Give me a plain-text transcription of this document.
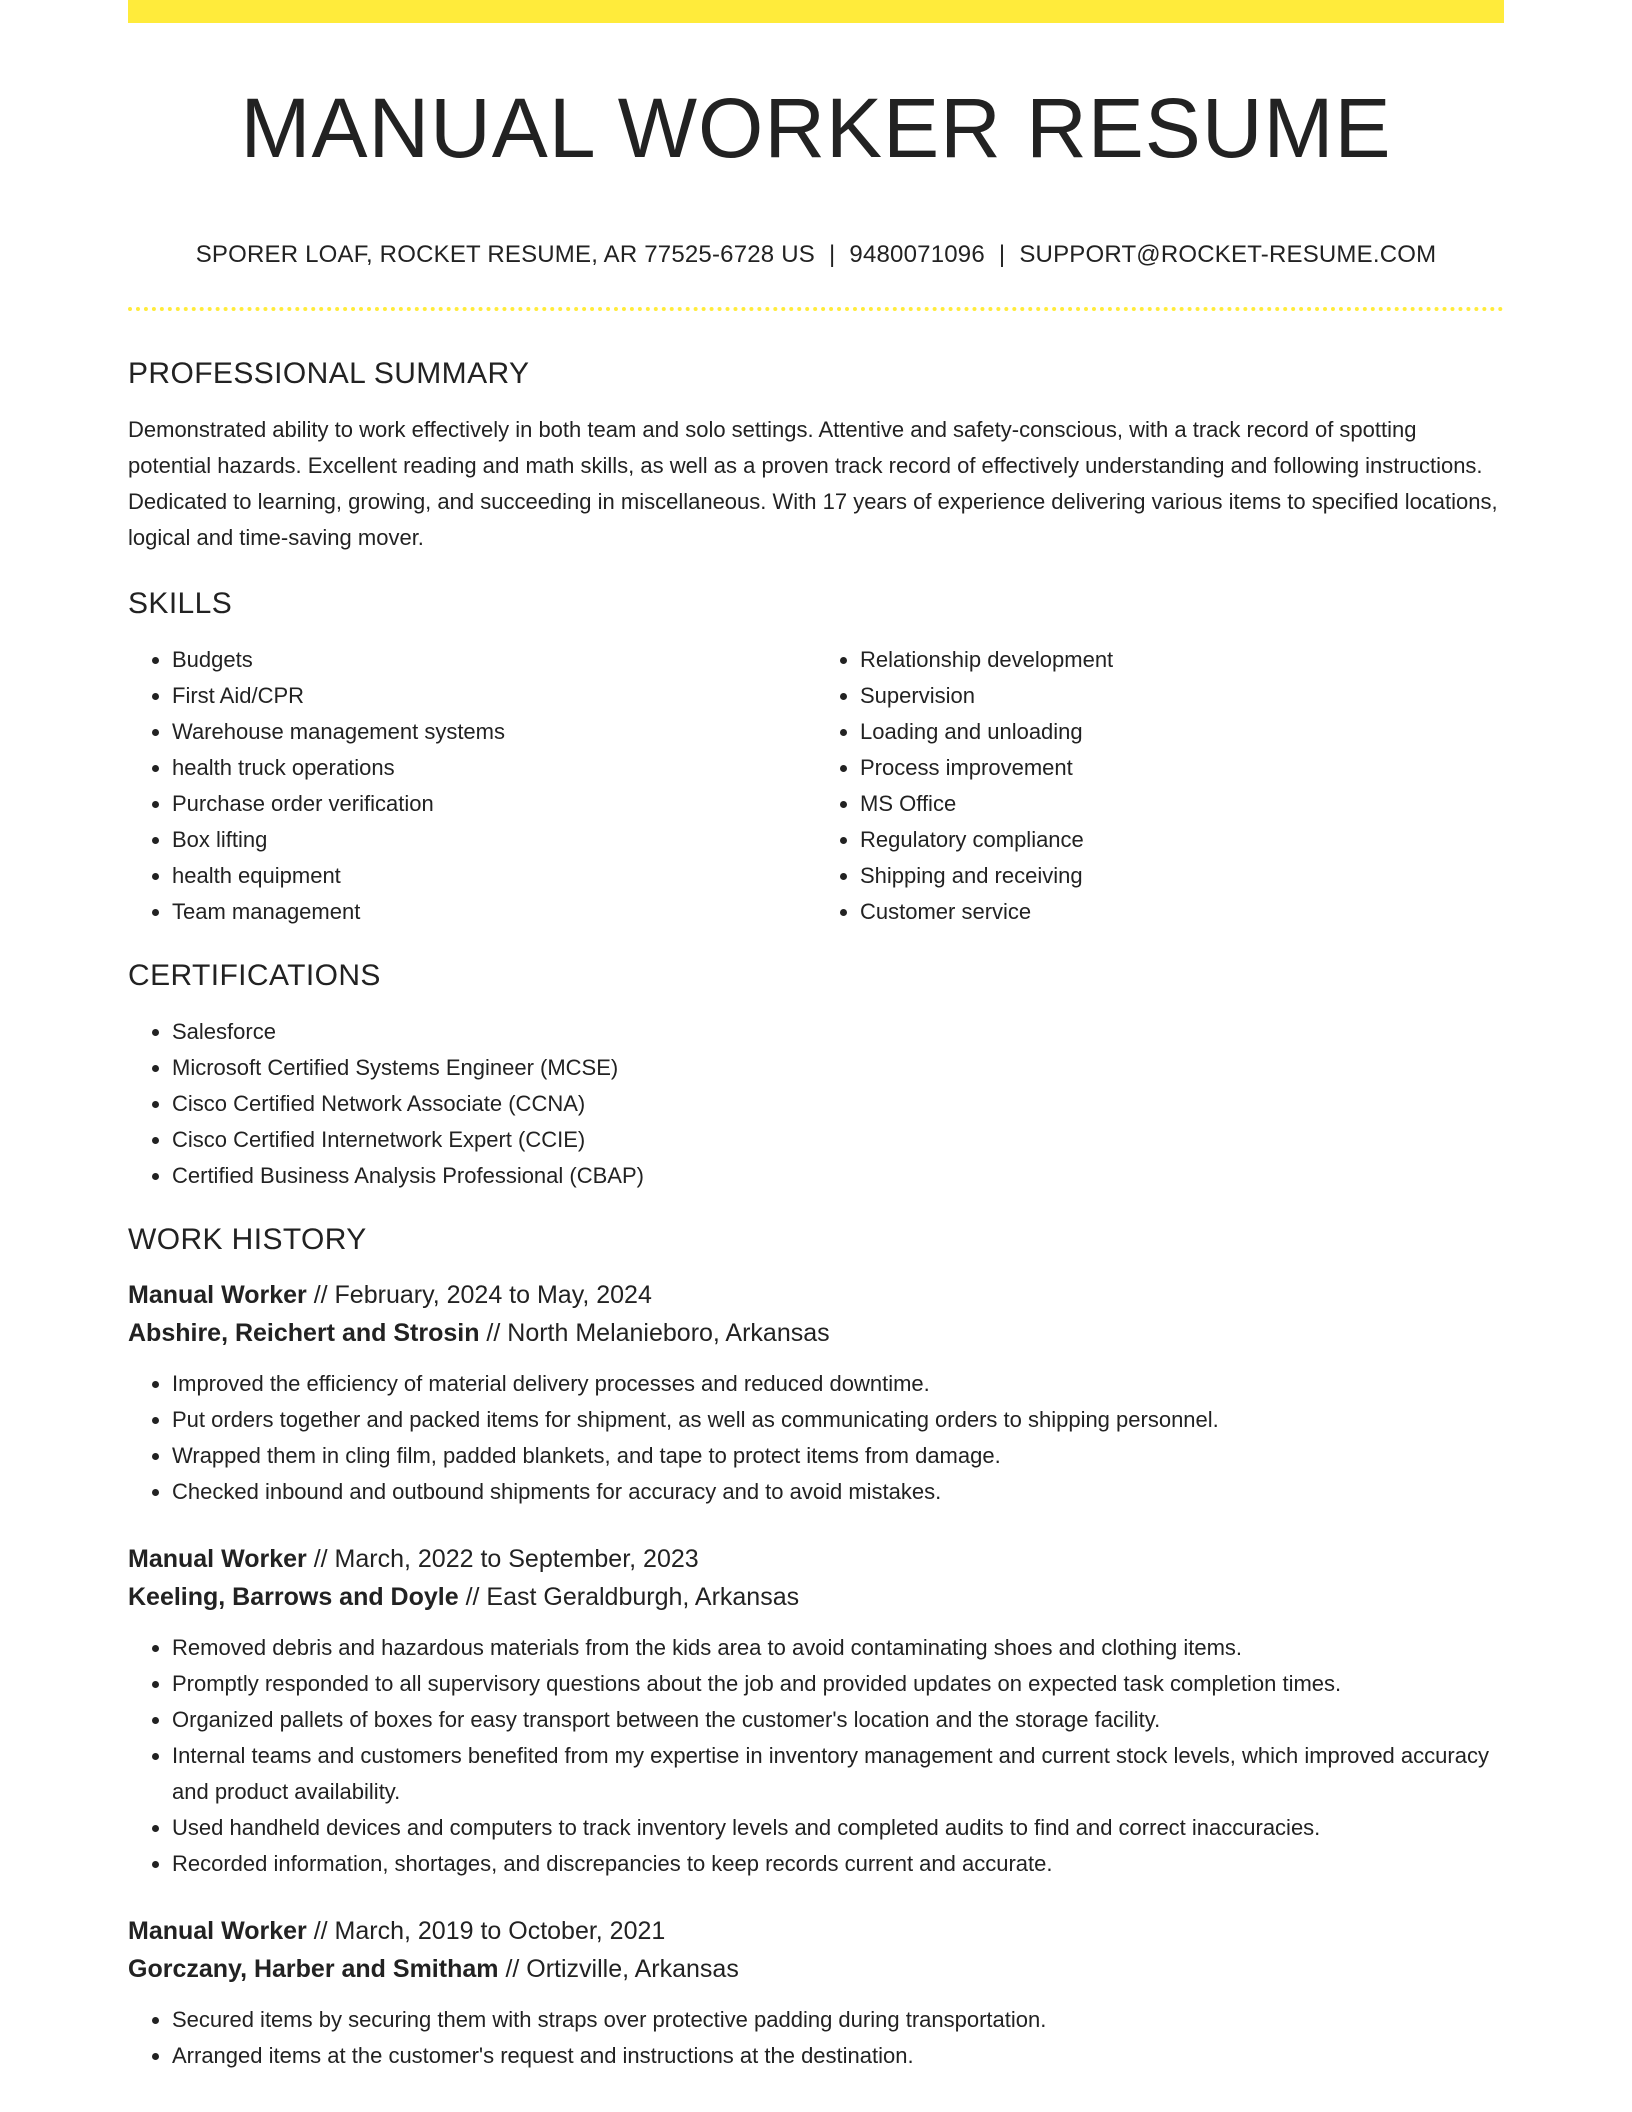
MANUAL WORKER RESUME
SPORER LOAF, ROCKET RESUME, AR 77525-6728 US | 9480071096 | SUPPORT@ROCKET-RESUME.COM
PROFESSIONAL SUMMARY

Demonstrated ability to work effectively in both team and solo settings. Attentive and safety-conscious, with a track record of spotting potential hazards. Excellent reading and math skills, as well as a proven track record of effectively understanding and following instructions. Dedicated to learning, growing, and succeeding in miscellaneous. With 17 years of experience delivering various items to specified locations, logical and time-saving mover.

SKILLS
• Budgets
• First Aid/CPR
• Warehouse management systems
• health truck operations
• Purchase order verification
• Box lifting
• health equipment
• Team management
• Relationship development
• Supervision
• Loading and unloading
• Process improvement
• MS Office
• Regulatory compliance
• Shipping and receiving
• Customer service
CERTIFICATIONS
• Salesforce
• Microsoft Certified Systems Engineer (MCSE)
• Cisco Certified Network Associate (CCNA)
• Cisco Certified Internetwork Expert (CCIE)
• Certified Business Analysis Professional (CBAP)
WORK HISTORY
Manual Worker // February, 2024 to May, 2024
Abshire, Reichert and Strosin // North Melanieboro, Arkansas
• Improved the efficiency of material delivery processes and reduced downtime.
• Put orders together and packed items for shipment, as well as communicating orders to shipping personnel.
• Wrapped them in cling film, padded blankets, and tape to protect items from damage.
• Checked inbound and outbound shipments for accuracy and to avoid mistakes.
Manual Worker // March, 2022 to September, 2023
Keeling, Barrows and Doyle // East Geraldburgh, Arkansas
• Removed debris and hazardous materials from the kids area to avoid contaminating shoes and clothing items.
• Promptly responded to all supervisory questions about the job and provided updates on expected task completion times.
• Organized pallets of boxes for easy transport between the customer's location and the storage facility.
• Internal teams and customers benefited from my expertise in inventory management and current stock levels, which improved accuracy and product availability.
• Used handheld devices and computers to track inventory levels and completed audits to find and correct inaccuracies.
• Recorded information, shortages, and discrepancies to keep records current and accurate.
Manual Worker // March, 2019 to October, 2021
Gorczany, Harber and Smitham // Ortizville, Arkansas
• Secured items by securing them with straps over protective padding during transportation.
• Arranged items at the customer's request and instructions at the destination.
